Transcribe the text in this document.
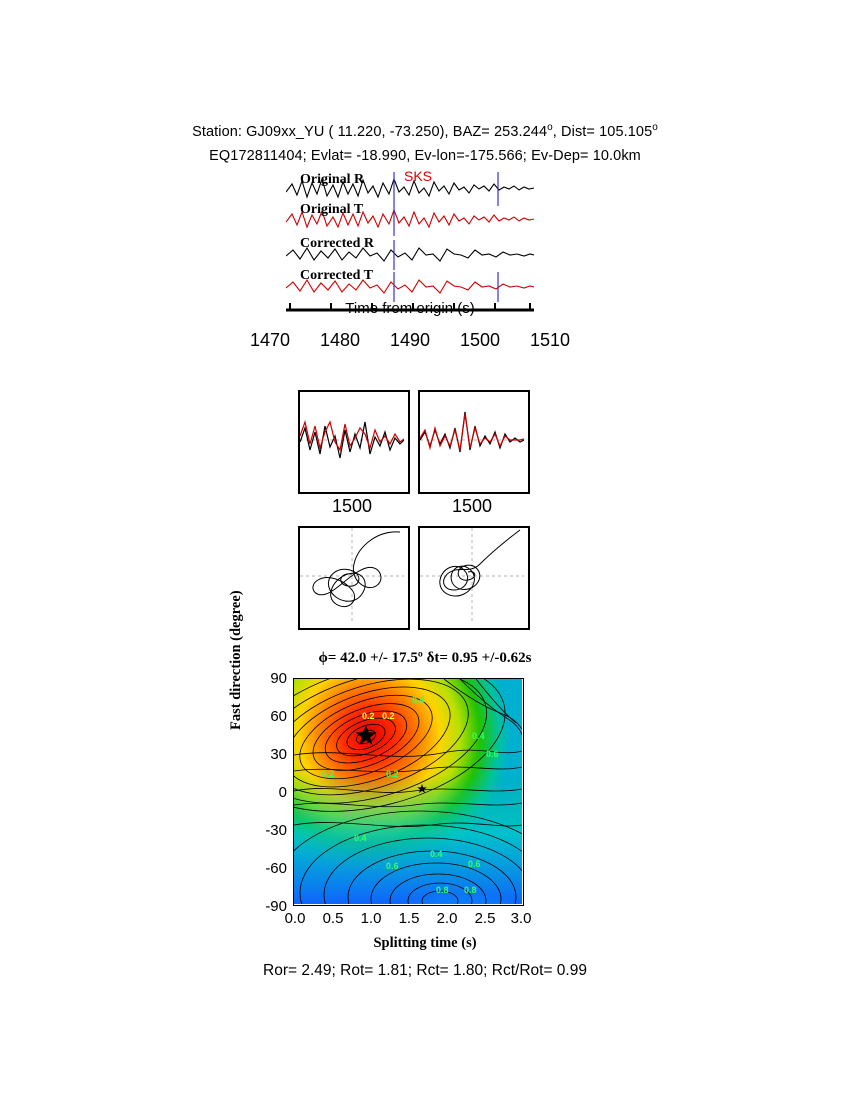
Station: GJ09xx_YU ( 11.220, -73.250), $BAZ= 253.244^o$, Dist= $105.105^o$
EQ172811404; Evlat= -18.990, Ev-lon=-175.566; Ev-Dep= 10.0km
Original R
Original T
Corrected R
Corrected T
SKS
Time from origin (s)
1470 1480 1490 1500 1510
1500	1500
ϕ= 42.0 +/- 17.5º δt= 0.95 +/-0.62s
Fast direction (degree) 90
60
30
0
-30
-60
-90
0.2 0.2
0.4
0.4
0.6
0.2	0.2
0.4
0.4
0.6	0.6
0.8 0.8
0.0	0.5	1.0	1.5	2.0	2.5	3.0
Splitting time (s)
Ror= 2.49; Rot= 1.81; Rct= 1.80; Rct/Rot= 0.99
